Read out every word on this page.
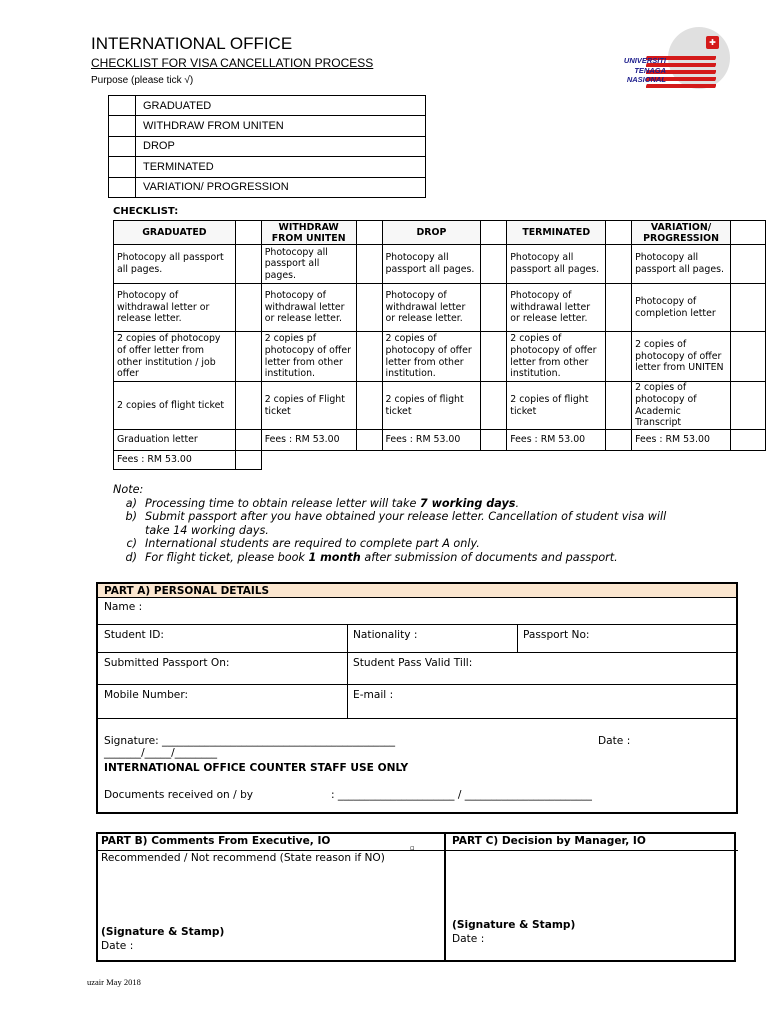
INTERNATIONAL OFFICE
CHECKLIST FOR VISA CANCELLATION PROCESS
Purpose (please tick √)
✚
UNIVERSITI
TENAGA
NASIONAL
	GRADUATED
	WITHDRAW FROM UNITEN
	DROP
	TERMINATED
	VARIATION/ PROGRESSION
CHECKLIST:
GRADUATED		WITHDRAW FROM UNITEN		DROP		TERMINATED		VARIATION/ PROGRESSION	
Photocopy all passport all pages.		Photocopy all passport all pages.		Photocopy all passport all pages.		Photocopy all passport all pages.		Photocopy all passport all pages.	
Photocopy of withdrawal letter or release letter.		Photocopy of withdrawal letter or release letter.		Photocopy of withdrawal letter or release letter.		Photocopy of withdrawal letter or release letter.		Photocopy of completion letter	
2 copies of photocopy of offer letter from other institution / job offer		2 copies pf photocopy of offer letter from other institution.		2 copies of photocopy of offer letter from other institution.		2 copies of photocopy of offer letter from other institution.		2 copies of photocopy of offer letter from UNITEN	
2 copies of flight ticket		2 copies of Flight ticket		2 copies of flight ticket		2 copies of flight ticket		2 copies of photocopy of Academic Transcript	
Graduation letter		Fees : RM 53.00		Fees : RM 53.00		Fees : RM 53.00		Fees : RM 53.00	
Fees : RM 53.00									
Note:
a) Processing time to obtain release letter will take 7 working days.
b) Submit passport after you have obtained your release letter. Cancellation of student visa will take 14 working days.
c) International students are required to complete part A only.
d) For flight ticket, please book 1 month after submission of documents and passport.
PART A) PERSONAL DETAILS
Name :
Student ID:	Nationality :	Passport No:
Submitted Passport On:	Student Pass Valid Till:
Mobile Number:	E-mail :
Signature: ____________________________________________	Date :
_______/_____/________
INTERNATIONAL OFFICE COUNTER STAFF USE ONLY
Documents received on / by	: ______________________ / ________________________
PART B) Comments From Executive, IO
Recommended / Not recommend (State reason if NO)
▫
(Signature & Stamp)
Date :
PART C) Decision by Manager, IO
(Signature & Stamp)
Date :
uzair May 2018
